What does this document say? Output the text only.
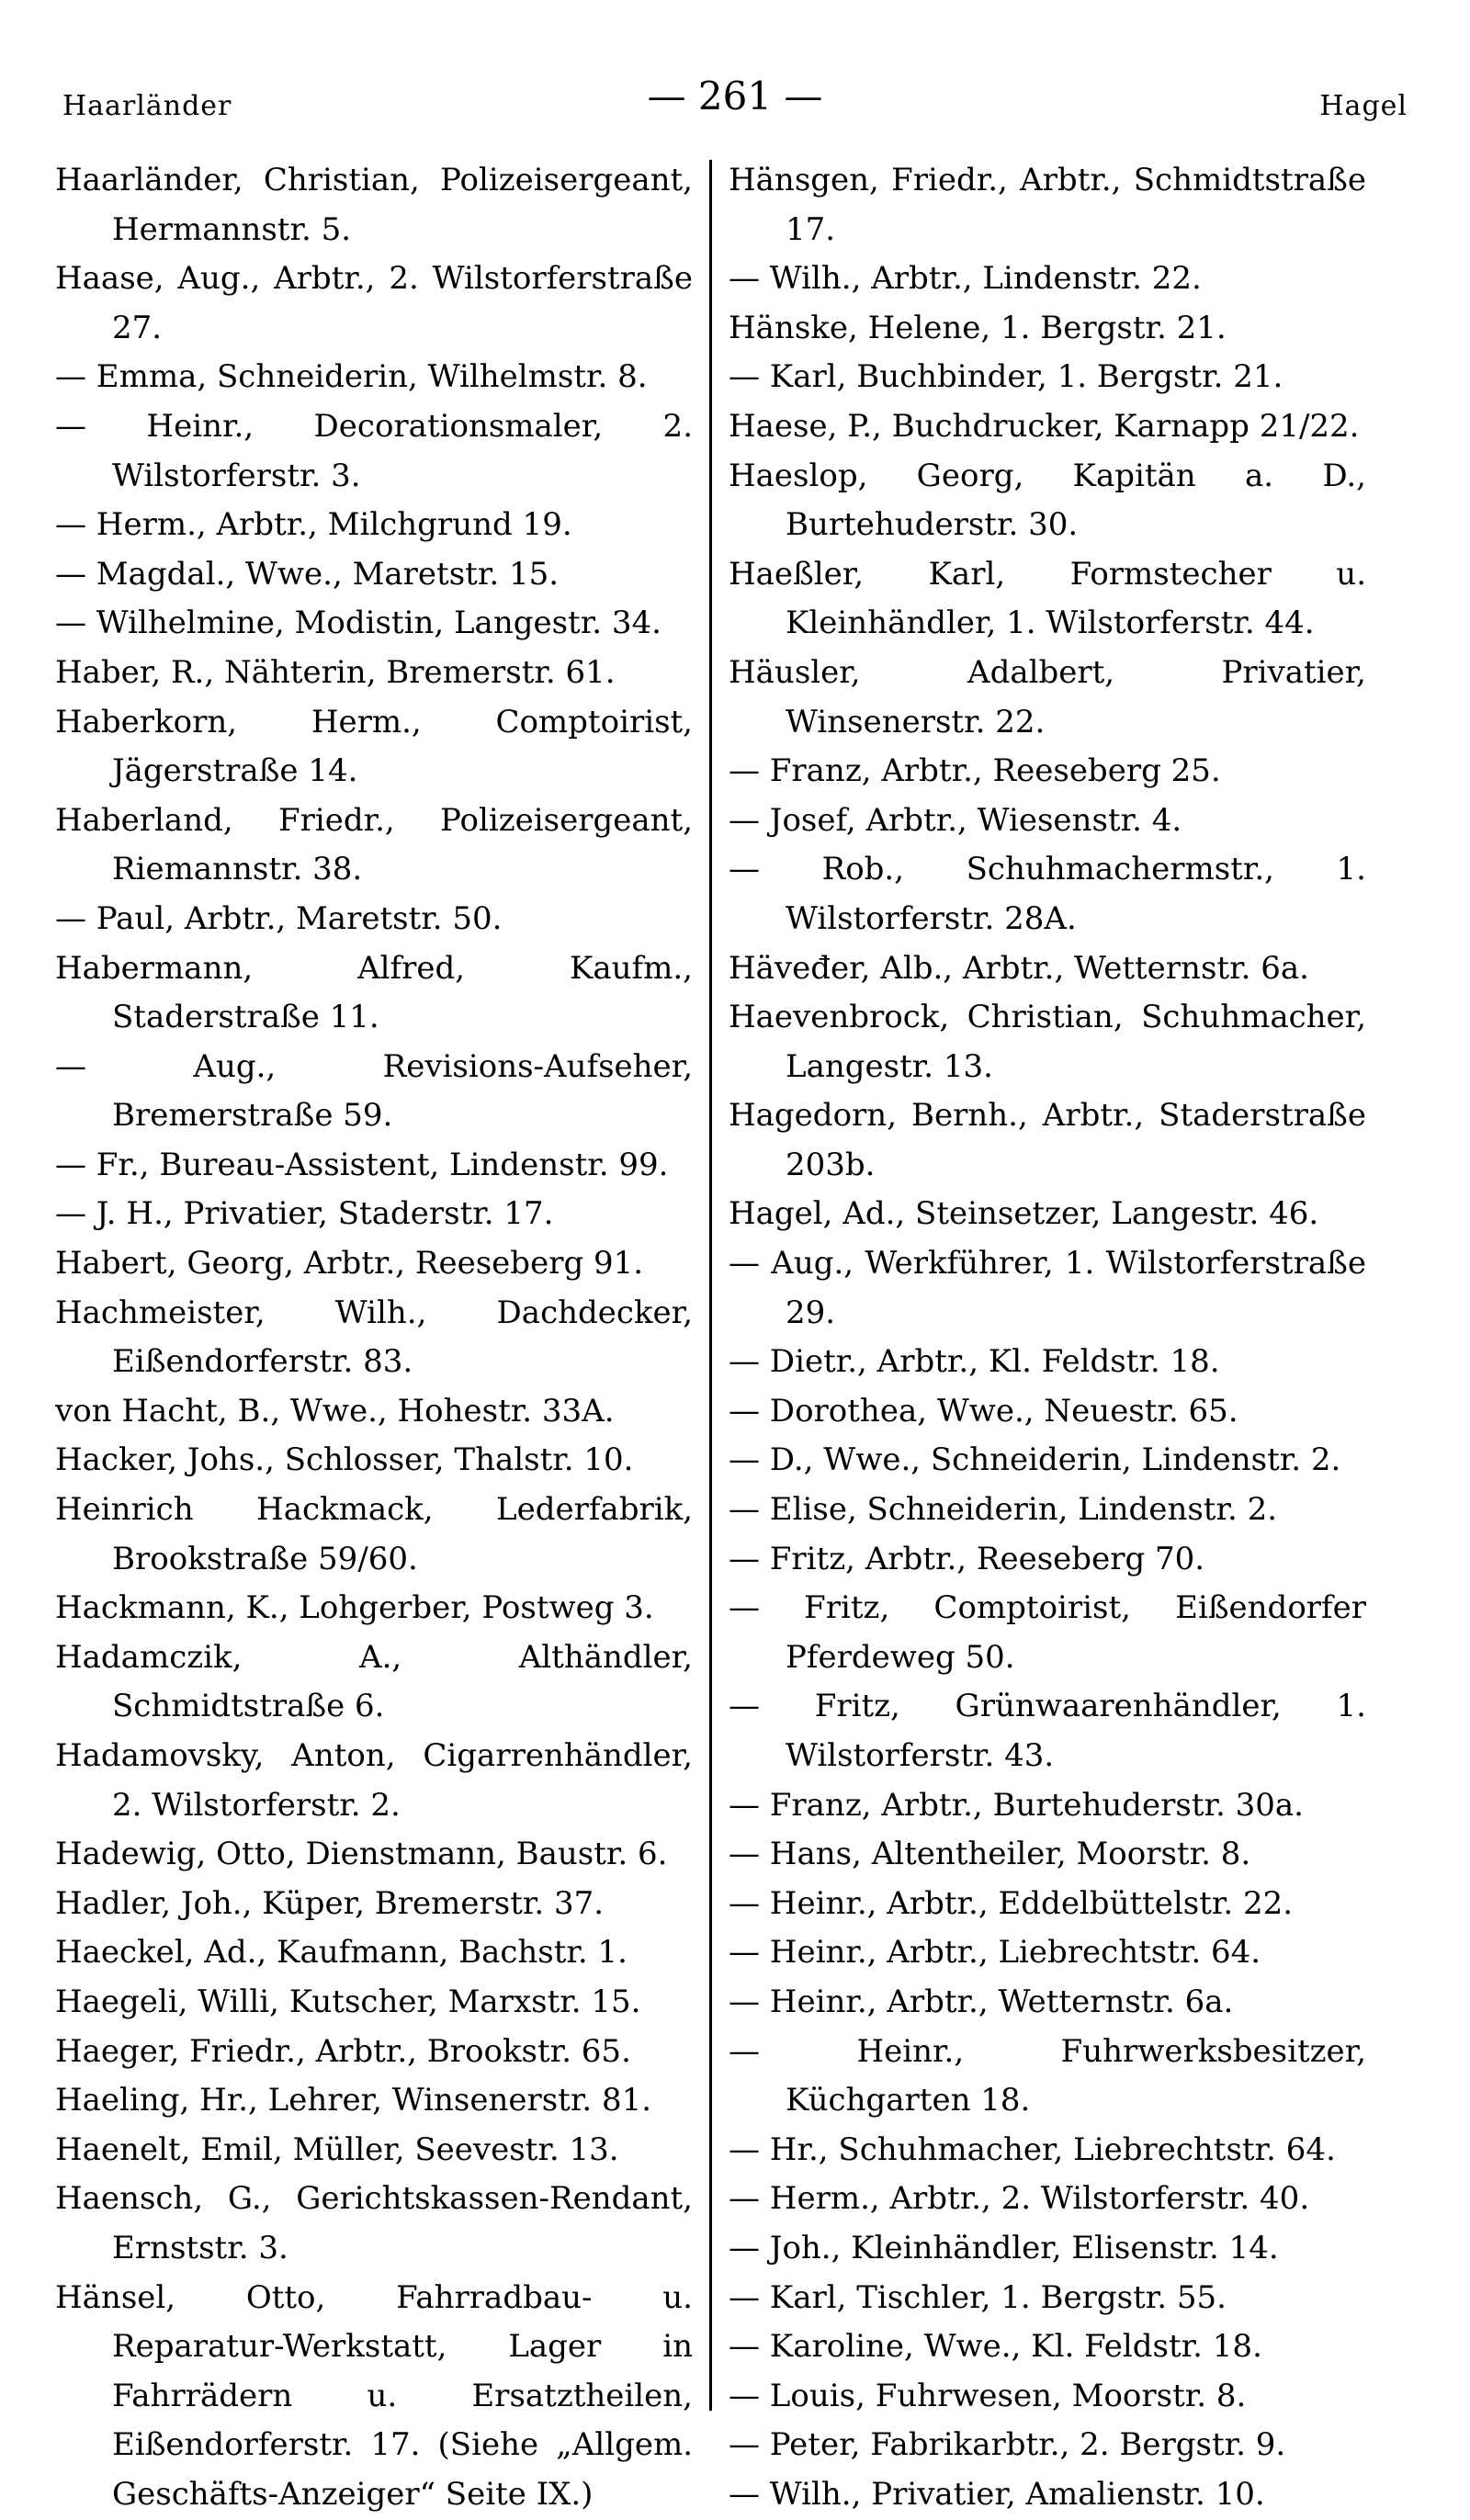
Haarländer	— 261 —	Hagel
Haarländer, Christian, Polizeisergeant, Hermannstr. 5.
Haase, Aug., Arbtr., 2. Wilstorferstraße 27.
— Emma, Schneiderin, Wilhelmstr. 8.
— Heinr., Decorationsmaler, 2. Wilstorferstr. 3.
— Herm., Arbtr., Milchgrund 19.
— Magdal., Wwe., Maretstr. 15.
— Wilhelmine, Modistin, Langestr. 34.
Haber, R., Nähterin, Bremerstr. 61.
Haberkorn, Herm., Comptoirist, Jägerstraße 14.
Haberland, Friedr., Polizeisergeant, Riemannstr. 38.
— Paul, Arbtr., Maretstr. 50.
Habermann, Alfred, Kaufm., Staderstraße 11.
— Aug., Revisions-Aufseher, Bremerstraße 59.
— Fr., Bureau-Assistent, Lindenstr. 99.
— J. H., Privatier, Staderstr. 17.
Habert, Georg, Arbtr., Reeseberg 91.
Hachmeister, Wilh., Dachdecker, Eißendorferstr. 83.
von Hacht, B., Wwe., Hohestr. 33A.
Hacker, Johs., Schlosser, Thalstr. 10.
Heinrich Hackmack, Lederfabrik, Brookstraße 59/60.
Hackmann, K., Lohgerber, Postweg 3.
Hadamczik, A., Althändler, Schmidtstraße 6.
Hadamovsky, Anton, Cigarrenhändler, 2. Wilstorferstr. 2.
Hadewig, Otto, Dienstmann, Baustr. 6.
Hadler, Joh., Küper, Bremerstr. 37.
Haeckel, Ad., Kaufmann, Bachstr. 1.
Haegeli, Willi, Kutscher, Marxstr. 15.
Haeger, Friedr., Arbtr., Brookstr. 65.
Haeling, Hr., Lehrer, Winsenerstr. 81.
Haenelt, Emil, Müller, Seevestr. 13.
Haensch, G., Gerichtskassen-Rendant, Ernststr. 3.
Hänsel, Otto, Fahrradbau- u. Reparatur-Werkstatt, Lager in Fahrrädern u. Ersatztheilen, Eißendorferstr. 17. (Siehe „Allgem. Geschäfts-Anzeiger“ Seite IX.)
Hänsgen, Friedr., Arbtr., Schmidtstraße 17.
— Wilh., Arbtr., Lindenstr. 22.
Hänske, Helene, 1. Bergstr. 21.
— Karl, Buchbinder, 1. Bergstr. 21.
Haese, P., Buchdrucker, Karnapp 21/22.
Haeslop, Georg, Kapitän a. D., Burtehuderstr. 30.
Haeßler, Karl, Formstecher u. Kleinhändler, 1. Wilstorferstr. 44.
Häusler, Adalbert, Privatier, Winsenerstr. 22.
— Franz, Arbtr., Reeseberg 25.
— Josef, Arbtr., Wiesenstr. 4.
— Rob., Schuhmachermstr., 1. Wilstorferstr. 28A.
Häveđer, Alb., Arbtr., Wetternstr. 6a.
Haevenbrock, Christian, Schuhmacher, Langestr. 13.
Hagedorn, Bernh., Arbtr., Staderstraße 203b.
Hagel, Ad., Steinsetzer, Langestr. 46.
— Aug., Werkführer, 1. Wilstorferstraße 29.
— Dietr., Arbtr., Kl. Feldstr. 18.
— Dorothea, Wwe., Neuestr. 65.
— D., Wwe., Schneiderin, Lindenstr. 2.
— Elise, Schneiderin, Lindenstr. 2.
— Fritz, Arbtr., Reeseberg 70.
— Fritz, Comptoirist, Eißendorfer Pferdeweg 50.
— Fritz, Grünwaarenhändler, 1. Wilstorferstr. 43.
— Franz, Arbtr., Burtehuderstr. 30a.
— Hans, Altentheiler, Moorstr. 8.
— Heinr., Arbtr., Eddelbüttelstr. 22.
— Heinr., Arbtr., Liebrechtstr. 64.
— Heinr., Arbtr., Wetternstr. 6a.
— Heinr., Fuhrwerksbesitzer, Küchgarten 18.
— Hr., Schuhmacher, Liebrechtstr. 64.
— Herm., Arbtr., 2. Wilstorferstr. 40.
— Joh., Kleinhändler, Elisenstr. 14.
— Karl, Tischler, 1. Bergstr. 55.
— Karoline, Wwe., Kl. Feldstr. 18.
— Louis, Fuhrwesen, Moorstr. 8.
— Peter, Fabrikarbtr., 2. Bergstr. 9.
— Wilh., Privatier, Amalienstr. 10.
